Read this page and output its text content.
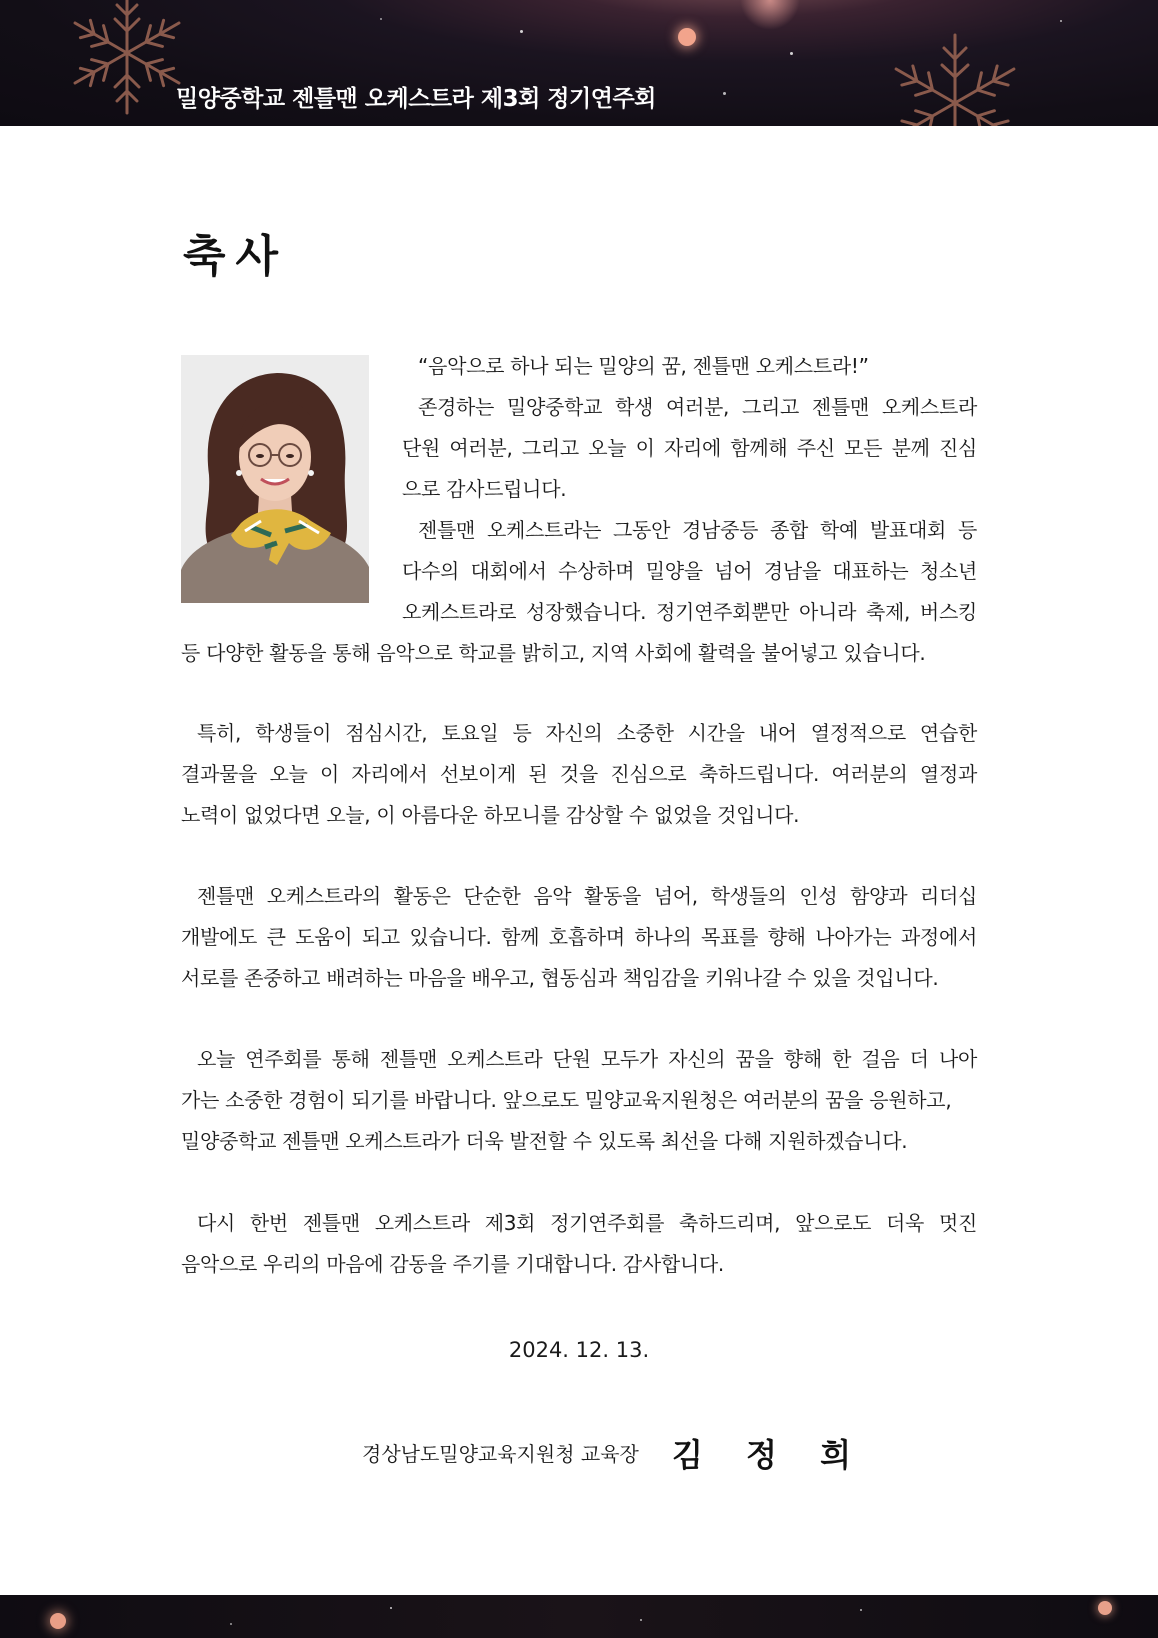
밀양중학교 젠틀맨 오케스트라 제3회 정기연주회
축사

“음악으로 하나 되는 밀양의 꿈, 젠틀맨 오케스트라!”

존경하는 밀양중학교 학생 여러분, 그리고 젠틀맨 오케스트라

단원 여러분, 그리고 오늘 이 자리에 함께해 주신 모든 분께 진심

으로 감사드립니다.

젠틀맨 오케스트라는 그동안 경남중등 종합 학예 발표대회 등

다수의 대회에서 수상하며 밀양을 넘어 경남을 대표하는 청소년

오케스트라로 성장했습니다. 정기연주회뿐만 아니라 축제, 버스킹

등 다양한 활동을 통해 음악으로 학교를 밝히고, 지역 사회에 활력을 불어넣고 있습니다.

특히, 학생들이 점심시간, 토요일 등 자신의 소중한 시간을 내어 열정적으로 연습한

결과물을 오늘 이 자리에서 선보이게 된 것을 진심으로 축하드립니다. 여러분의 열정과

노력이 없었다면 오늘, 이 아름다운 하모니를 감상할 수 없었을 것입니다.

젠틀맨 오케스트라의 활동은 단순한 음악 활동을 넘어, 학생들의 인성 함양과 리더십

개발에도 큰 도움이 되고 있습니다. 함께 호흡하며 하나의 목표를 향해 나아가는 과정에서

서로를 존중하고 배려하는 마음을 배우고, 협동심과 책임감을 키워나갈 수 있을 것입니다.

오늘 연주회를 통해 젠틀맨 오케스트라 단원 모두가 자신의 꿈을 향해 한 걸음 더 나아

가는 소중한 경험이 되기를 바랍니다. 앞으로도 밀양교육지원청은 여러분의 꿈을 응원하고,

밀양중학교 젠틀맨 오케스트라가 더욱 발전할 수 있도록 최선을 다해 지원하겠습니다.

다시 한번 젠틀맨 오케스트라 제3회 정기연주회를 축하드리며, 앞으로도 더욱 멋진

음악으로 우리의 마음에 감동을 주기를 기대합니다. 감사합니다.

2024. 12. 13.

경상남도밀양교육지원청 교육장 김 정 희
